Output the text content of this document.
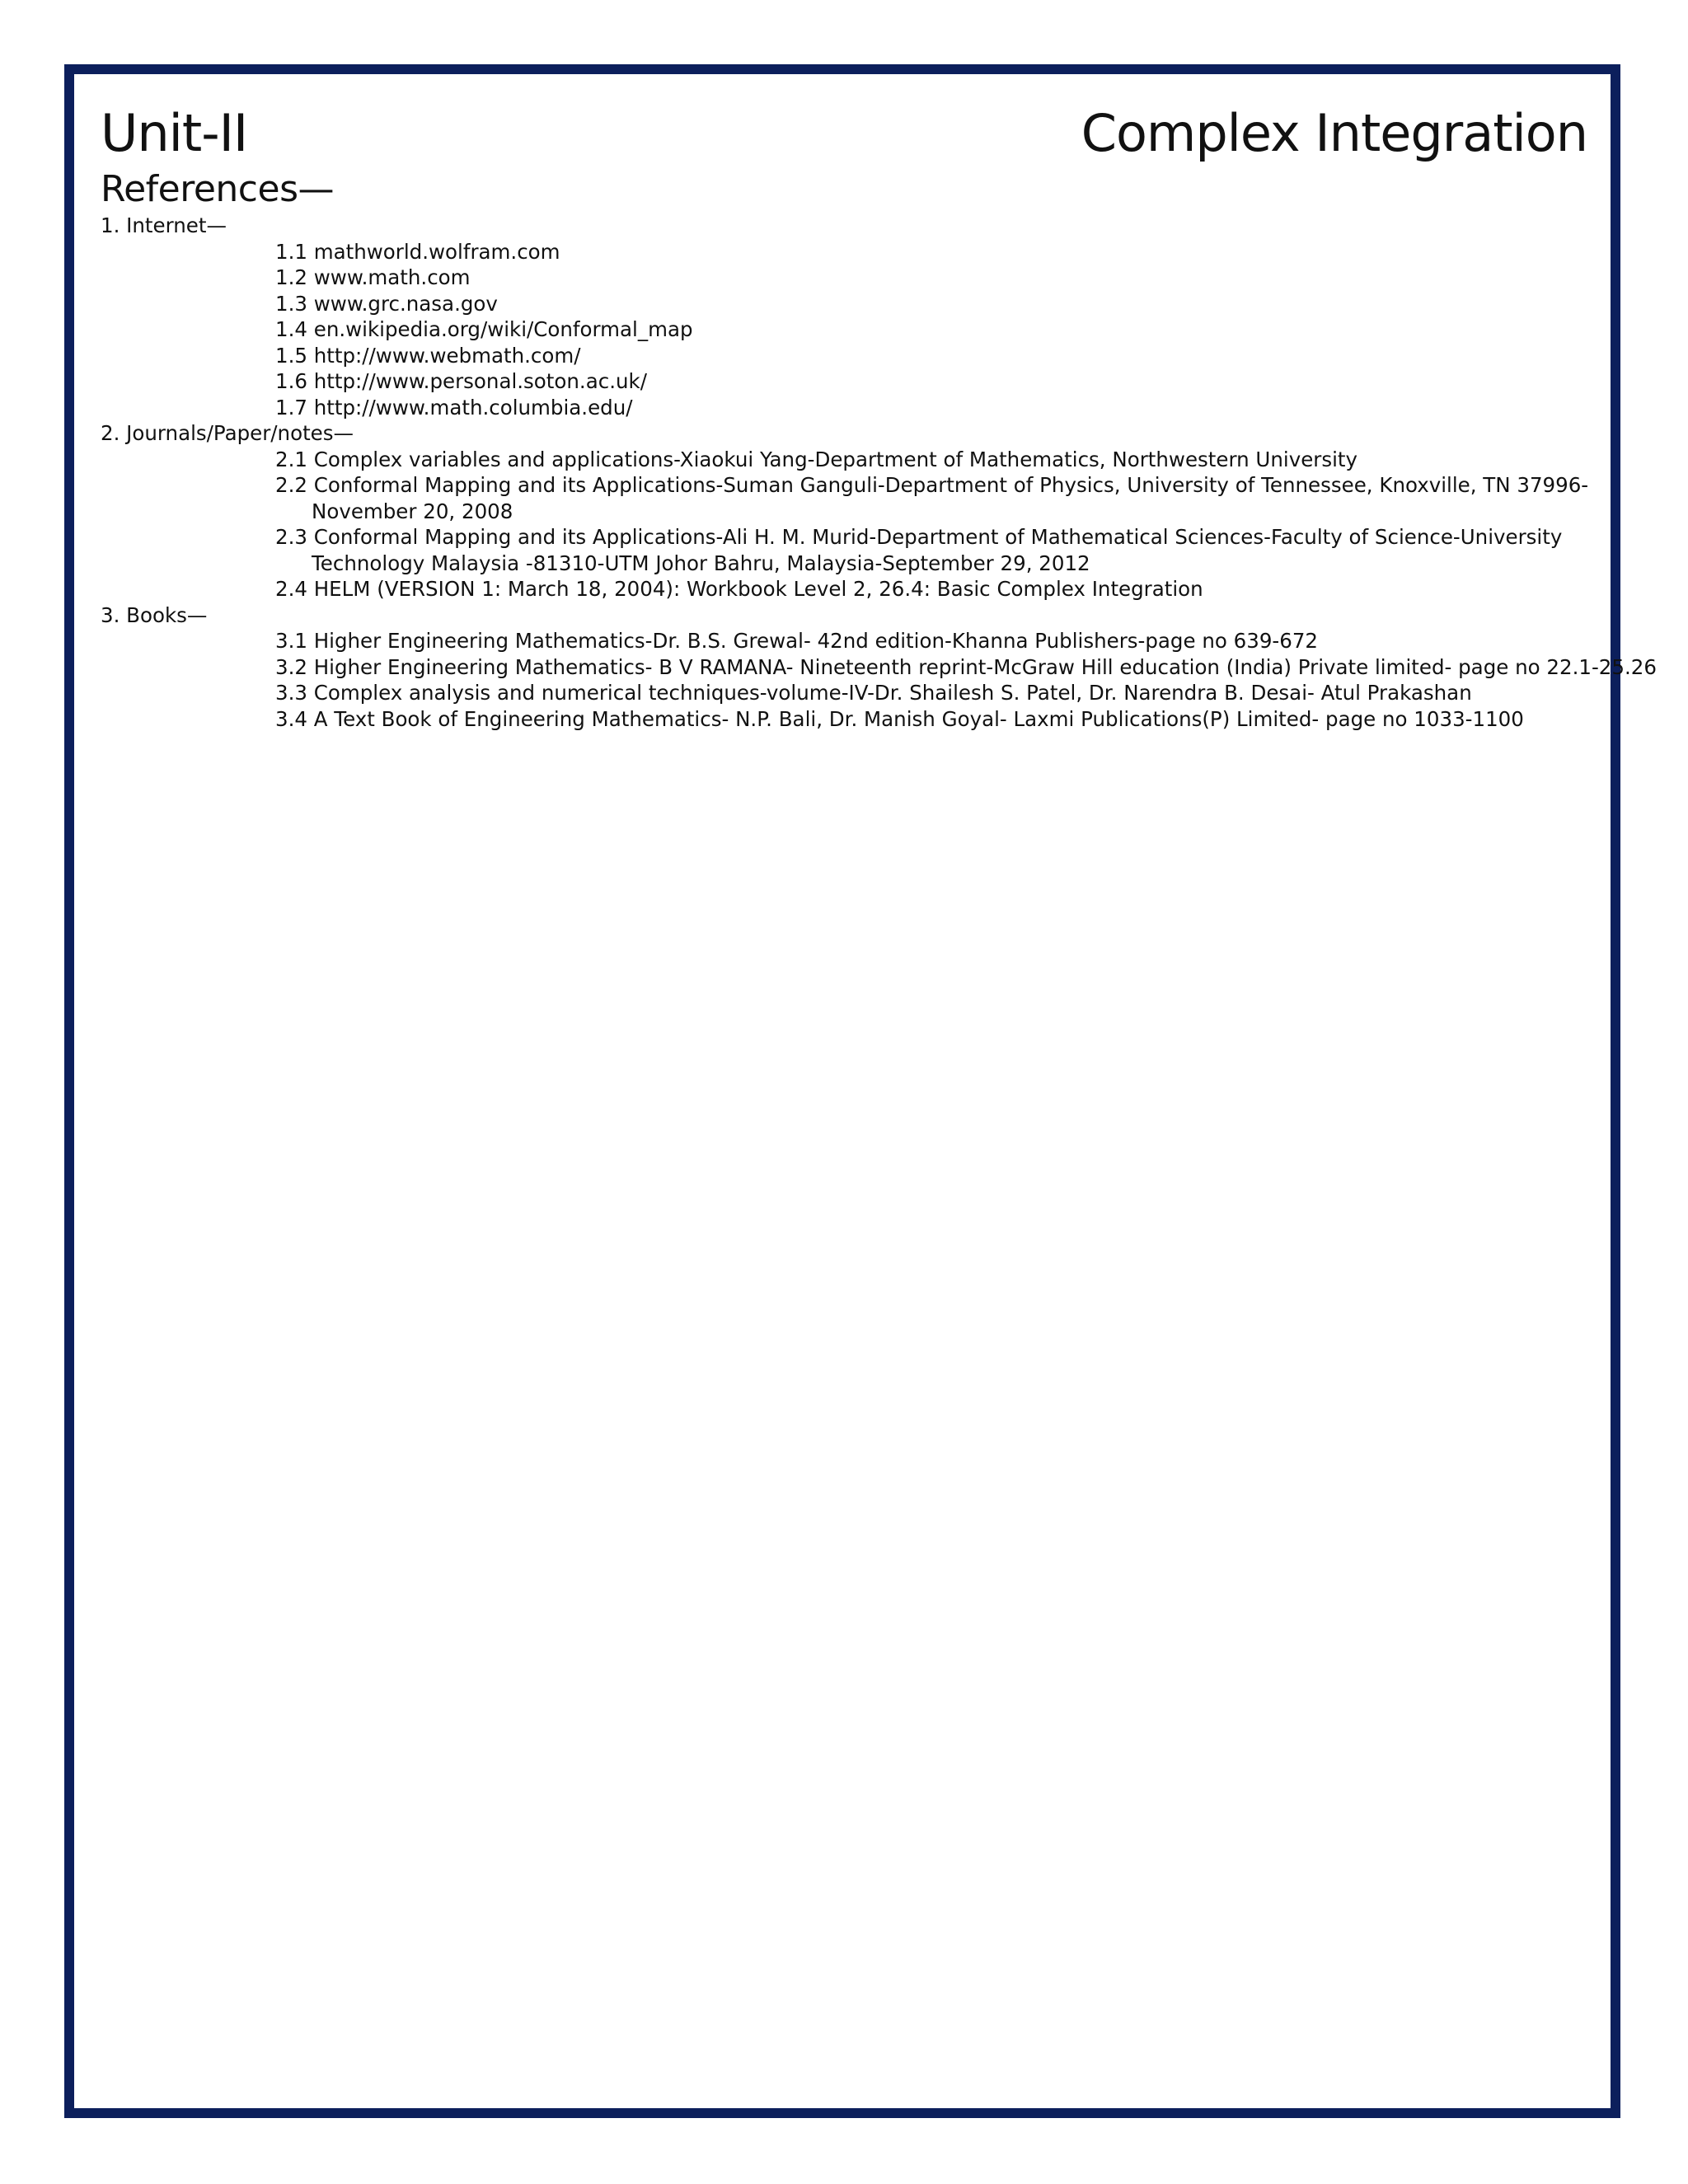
Unit-II	Complex Integration
References—
1. Internet—
1.1 mathworld.wolfram.com
1.2 www.math.com
1.3 www.grc.nasa.gov
1.4 en.wikipedia.org/wiki/Conformal_map
1.5 http://www.webmath.com/
1.6 http://www.personal.soton.ac.uk/
1.7 http://www.math.columbia.edu/
2. Journals/Paper/notes—
2.1 Complex variables and applications-Xiaokui Yang-Department of Mathematics, Northwestern University
2.2 Conformal Mapping and its Applications-Suman Ganguli-Department of Physics, University of Tennessee, Knoxville, TN 37996-
November 20, 2008
2.3 Conformal Mapping and its Applications-Ali H. M. Murid-Department of Mathematical Sciences-Faculty of Science-University
Technology Malaysia -81310-UTM Johor Bahru, Malaysia-September 29, 2012
2.4 HELM (VERSION 1: March 18, 2004): Workbook Level 2, 26.4: Basic Complex Integration
3. Books—
3.1 Higher Engineering Mathematics-Dr. B.S. Grewal- 42nd edition-Khanna Publishers-page no 639-672
3.2 Higher Engineering Mathematics- B V RAMANA- Nineteenth reprint-McGraw Hill education (India) Private limited- page no 22.1-25.26
3.3 Complex analysis and numerical techniques-volume-IV-Dr. Shailesh S. Patel, Dr. Narendra B. Desai- Atul Prakashan
3.4 A Text Book of Engineering Mathematics- N.P. Bali, Dr. Manish Goyal- Laxmi Publications(P) Limited- page no 1033-1100
